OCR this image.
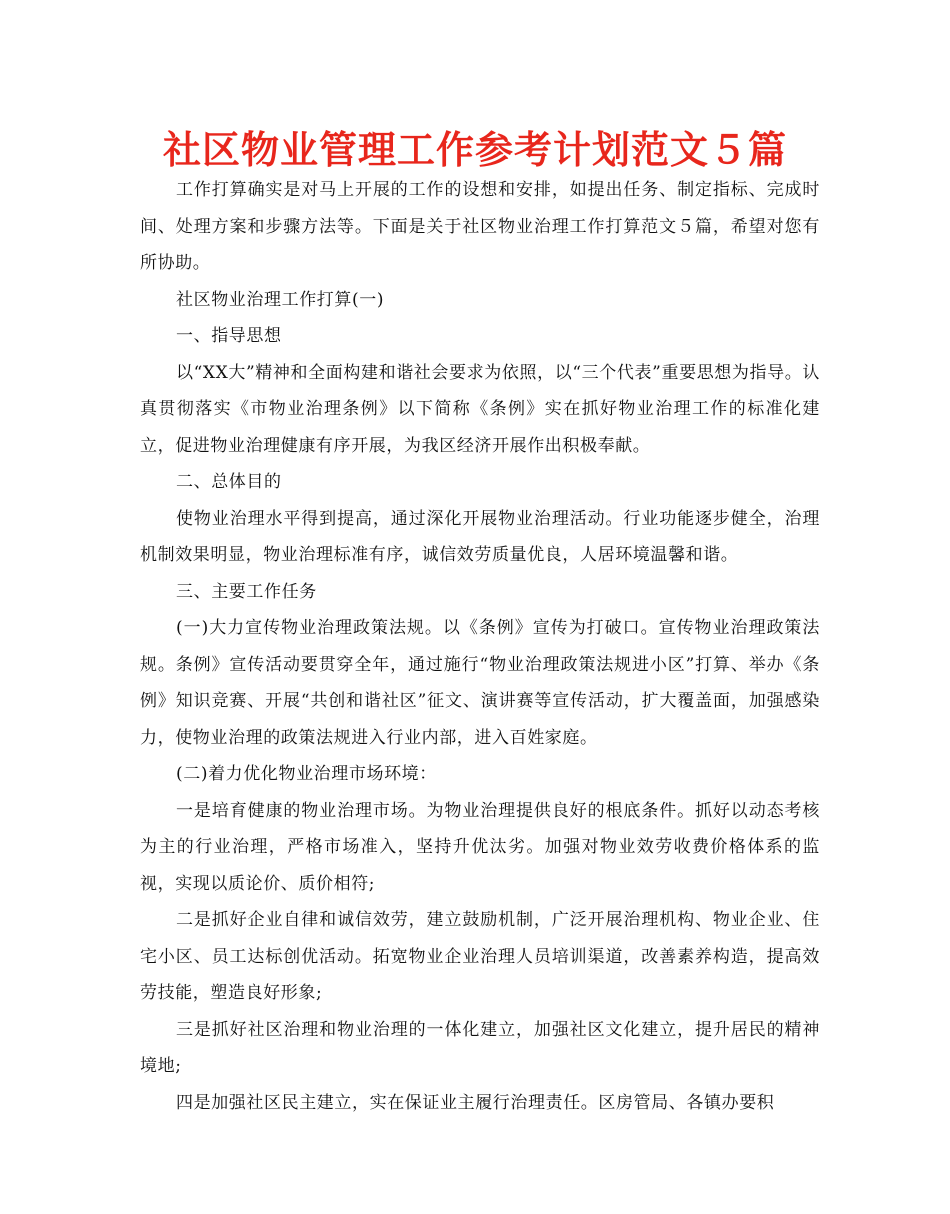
社区物业管理工作参考计划范文５篇

工作打算确实是对马上开展的工作的设想和安排，如提出任务、制定指标、完成时间、处理方案和步骤方法等。下面是关于社区物业治理工作打算范文５篇，希望对您有所协助。

社区物业治理工作打算(一)

一、指导思想

以“XX大”精神和全面构建和谐社会要求为依照，以“三个代表”重要思想为指导。认真贯彻落实《市物业治理条例》以下简称《条例》实在抓好物业治理工作的标准化建立，促进物业治理健康有序开展，为我区经济开展作出积极奉献。

二、总体目的

使物业治理水平得到提高，通过深化开展物业治理活动。行业功能逐步健全，治理机制效果明显，物业治理标准有序，诚信效劳质量优良，人居环境温馨和谐。

三、主要工作任务

(一)大力宣传物业治理政策法规。以《条例》宣传为打破口。宣传物业治理政策法规。条例》宣传活动要贯穿全年，通过施行“物业治理政策法规进小区”打算、举办《条例》知识竞赛、开展“共创和谐社区”征文、演讲赛等宣传活动，扩大覆盖面，加强感染力，使物业治理的政策法规进入行业内部，进入百姓家庭。

(二)着力优化物业治理市场环境：

一是培育健康的物业治理市场。为物业治理提供良好的根底条件。抓好以动态考核为主的行业治理，严格市场准入，坚持升优汰劣。加强对物业效劳收费价格体系的监视，实现以质论价、质价相符;

二是抓好企业自律和诚信效劳，建立鼓励机制，广泛开展治理机构、物业企业、住宅小区、员工达标创优活动。拓宽物业企业治理人员培训渠道，改善素养构造，提高效劳技能，塑造良好形象;

三是抓好社区治理和物业治理的一体化建立，加强社区文化建立，提升居民的精神境地;

四是加强社区民主建立，实在保证业主履行治理责任。区房管局、各镇办要积
